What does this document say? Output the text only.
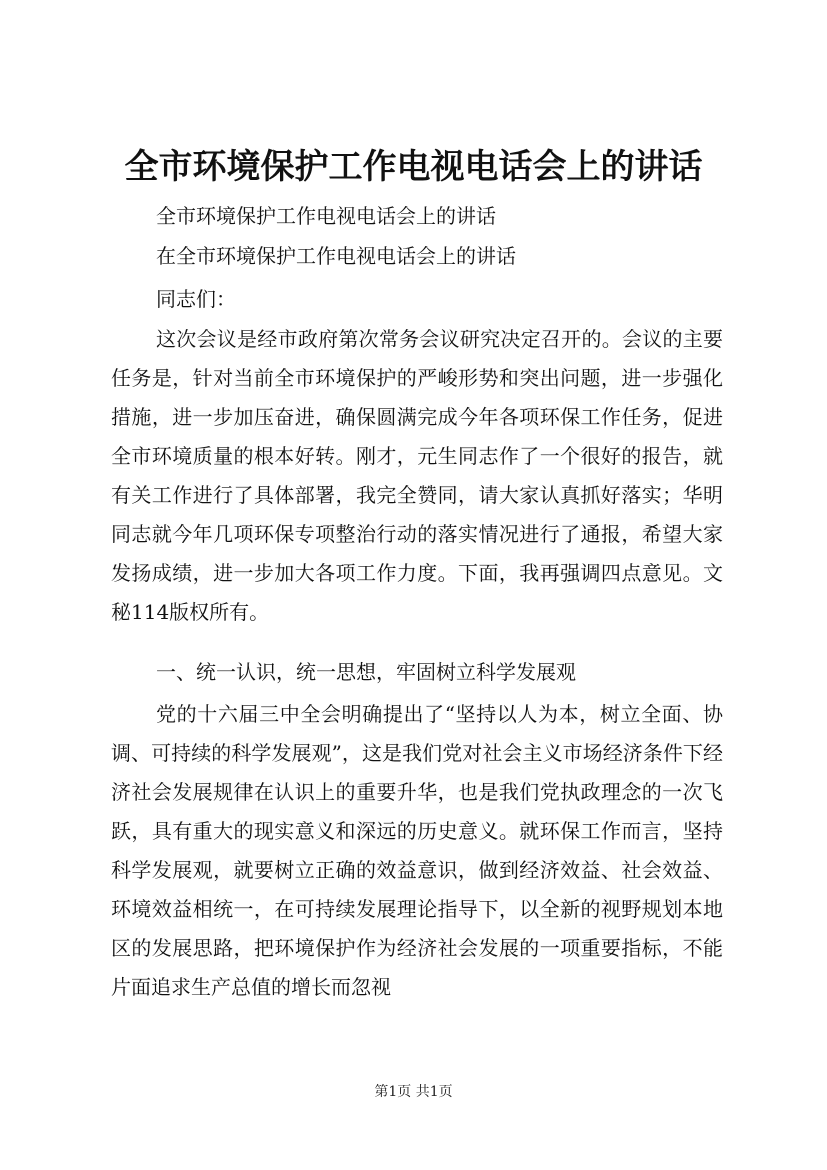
全市环境保护工作电视电话会上的讲话

全市环境保护工作电视电话会上的讲话

在全市环境保护工作电视电话会上的讲话

同志们：

这次会议是经市政府第次常务会议研究决定召开的。会议的主要任务是，针对当前全市环境保护的严峻形势和突出问题，进一步强化措施，进一步加压奋进，确保圆满完成今年各项环保工作任务，促进全市环境质量的根本好转。刚才，元生同志作了一个很好的报告，就有关工作进行了具体部署，我完全赞同，请大家认真抓好落实；华明同志就今年几项环保专项整治行动的落实情况进行了通报，希望大家发扬成绩，进一步加大各项工作力度。下面，我再强调四点意见。文秘114版权所有。

一、统一认识，统一思想，牢固树立科学发展观

党的十六届三中全会明确提出了“坚持以人为本，树立全面、协调、可持续的科学发展观”，这是我们党对社会主义市场经济条件下经济社会发展规律在认识上的重要升华，也是我们党执政理念的一次飞跃，具有重大的现实意义和深远的历史意义。就环保工作而言，坚持科学发展观，就要树立正确的效益意识，做到经济效益、社会效益、环境效益相统一，在可持续发展理论指导下，以全新的视野规划本地区的发展思路，把环境保护作为经济社会发展的一项重要指标，不能片面追求生产总值的增长而忽视

第1页 共1页
